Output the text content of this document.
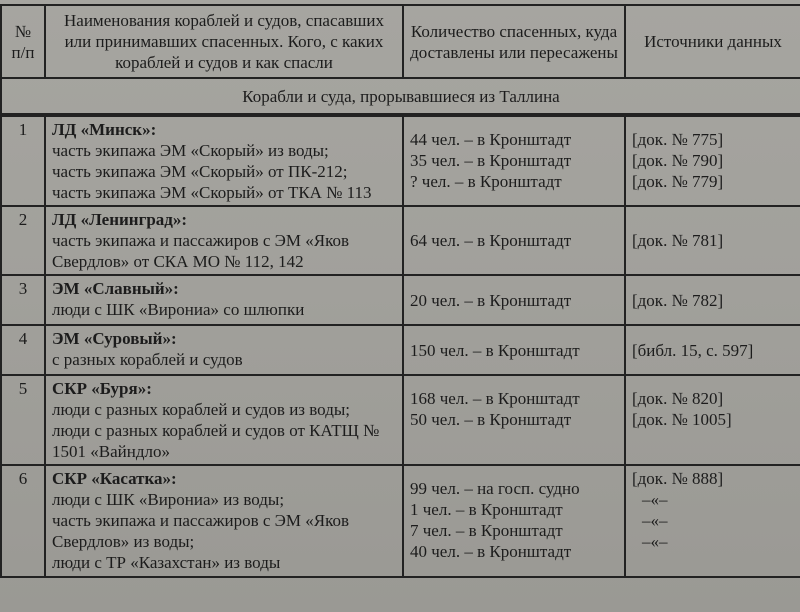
№ п/п	Наименования кораблей и судов, спасавших или принимавших спасенных. Кого, с каких кораблей и судов и как спасли	Количество спасенных, куда доставлены или пересажены	Источники данных
Корабли и суда, прорывавшиеся из Таллина			
1	ЛД «Минск»:
часть экипажа ЭМ «Скорый» из воды;
часть экипажа ЭМ «Скорый» от ПК-212;
часть экипажа ЭМ «Скорый» от ТКА № 113	44 чел. – в Кронштадт
35 чел. – в Кронштадт
? чел. – в Кронштадт	[док. № 775]
[док. № 790]
[док. № 779]

2	ЛД «Ленинград»:
часть экипажа и пассажиров с ЭМ «Яков Свердлов» от СКА МО № 112, 142	64 чел. – в Кронштадт	[док. № 781]

3	ЭМ «Славный»:
люди с ШК «Вирониа» со шлюпки	20 чел. – в Кронштадт	[док. № 782]

4	ЭМ «Суровый»:
с разных кораблей и судов	150 чел. – в Кронштадт	[библ. 15, с. 597]

5	СКР «Буря»:
люди с разных кораблей и судов из воды;
люди с разных кораблей и судов от КАТЩ № 1501 «Вайндло»	168 чел. – в Кронштадт
50 чел. – в Кронштадт	[док. № 820]
[док. № 1005]

6	СКР «Касатка»:
люди с ШК «Вирониа» из воды;
часть экипажа и пассажиров с ЭМ «Яков Свердлов» из воды;
люди с ТР «Казахстан» из воды	99 чел. – на госп. судно
1 чел. – в Кронштадт
7 чел. – в Кронштадт
40 чел. – в Кронштадт	[док. № 888]
–«–
–«–
–«–
